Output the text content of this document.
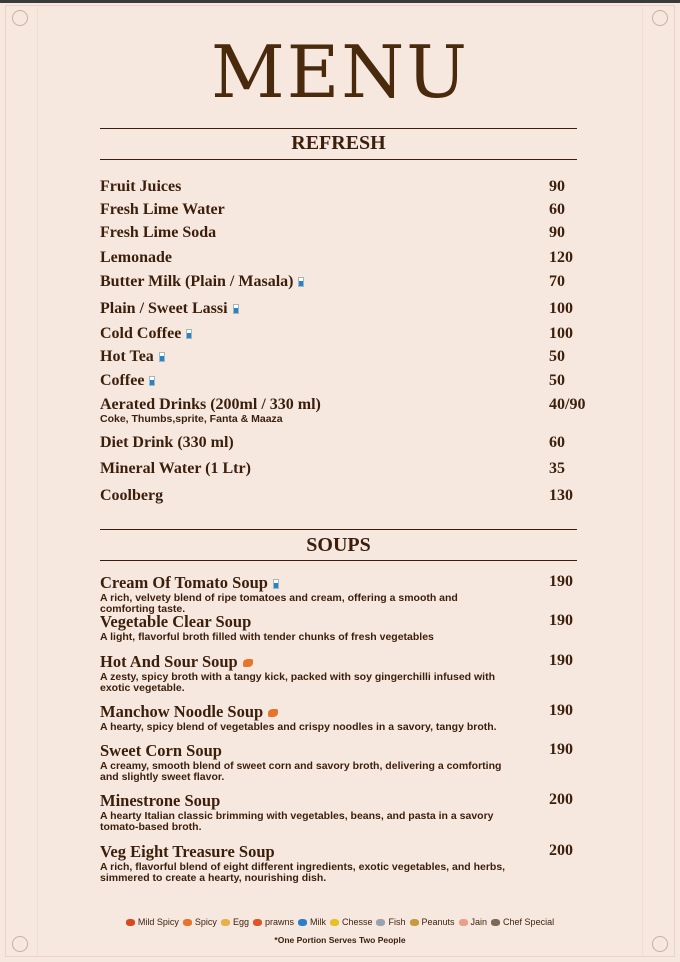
MENU
REFRESH
Fruit Juices	90
Fresh Lime Water	60
Fresh Lime Soda	90
Lemonade	120
Butter Milk (Plain / Masala)	70
Plain / Sweet Lassi	100
Cold Coffee	100
Hot Tea	50
Coffee	50
Aerated Drinks (200ml / 330 ml)	40/90
Coke, Thumbs,sprite, Fanta & Maaza
Diet Drink (330 ml)	60
Mineral Water (1 Ltr)	35
Coolberg	130
SOUPS
Cream Of Tomato Soup	190
A rich, velvety blend of ripe tomatoes and cream, offering a smooth and comforting taste.
Vegetable Clear Soup	190
A light, flavorful broth filled with tender chunks of fresh vegetables
Hot And Sour Soup	190
A zesty, spicy broth with a tangy kick, packed with soy gingerchilli infused with exotic vegetable.
Manchow Noodle Soup	190
A hearty, spicy blend of vegetables and crispy noodles in a savory, tangy broth.
Sweet Corn Soup	190
A creamy, smooth blend of sweet corn and savory broth, delivering a comforting and slightly sweet flavor.
Minestrone Soup	200
A hearty Italian classic brimming with vegetables, beans, and pasta in a savory tomato-based broth.
Veg Eight Treasure Soup	200
A rich, flavorful blend of eight different ingredients, exotic vegetables, and herbs, simmered to create a hearty, nourishing dish.
Mild Spicy Spicy Egg prawns Milk Chesse Fish Peanuts Jain Chef Special
*One Portion Serves Two People
